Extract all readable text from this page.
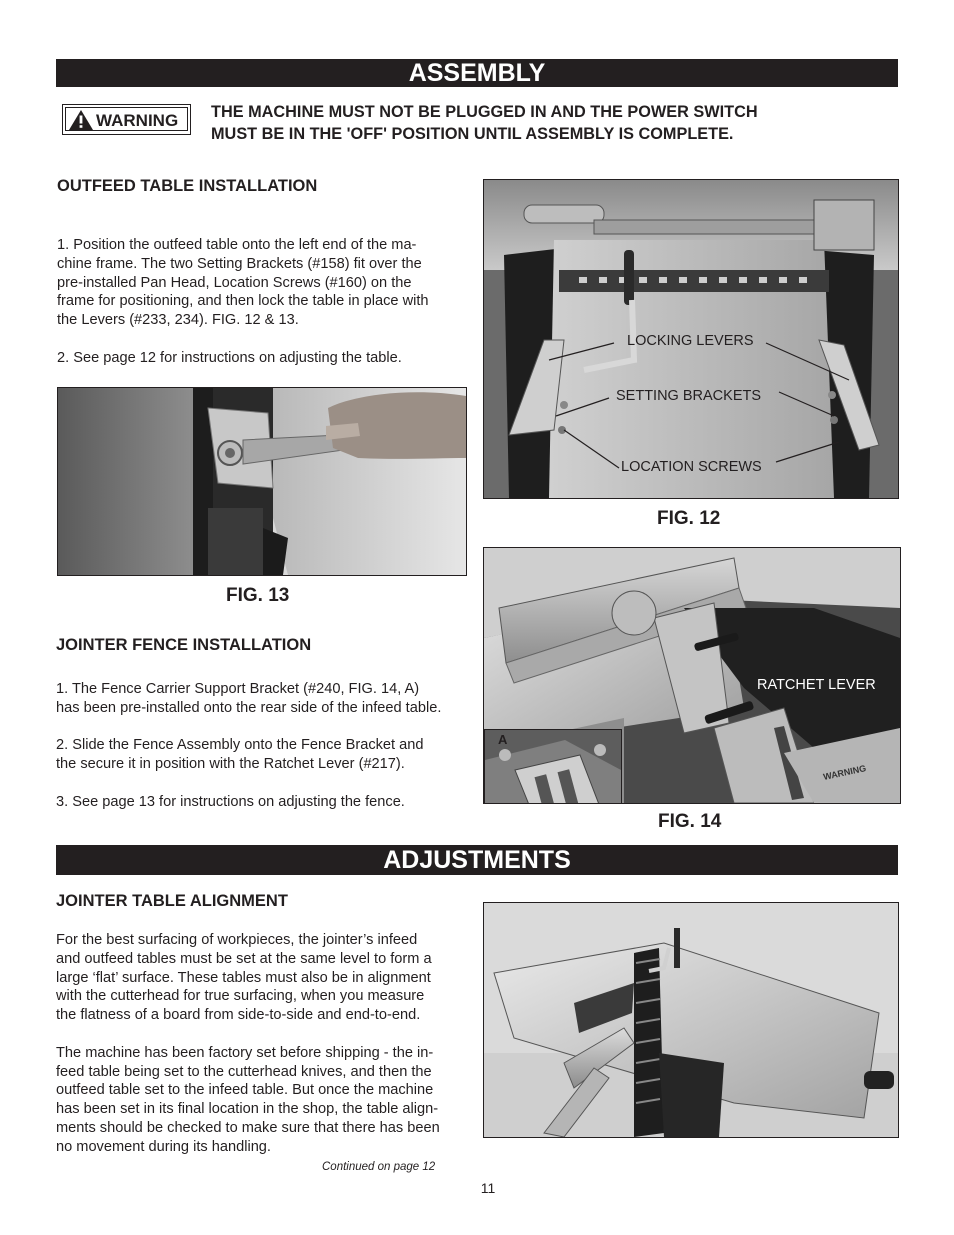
ASSEMBLY
WARNING THE MACHINE MUST NOT BE PLUGGED IN AND THE POWER SWITCH
MUST BE IN THE 'OFF' POSITION UNTIL ASSEMBLY IS COMPLETE.
OUTFEED TABLE INSTALLATION
1. Position the outfeed table onto the left end of the ma-
chine frame. The two Setting Brackets (#158) fit over the
pre-installed Pan Head, Location Screws (#160) on the
frame for positioning, and then lock the table in place with
the Levers (#233, 234). FIG. 12 & 13.
2. See page 12 for instructions on adjusting the table.
FIG. 13
LOCKING LEVERS
SETTING BRACKETS
LOCATION SCREWS
FIG. 12
JOINTER FENCE INSTALLATION
1. The Fence Carrier Support Bracket (#240, FIG. 14, A)
has been pre-installed onto the rear side of the infeed table.
2. Slide the Fence Assembly onto the Fence Bracket and
the secure it in position with the Ratchet Lever (#217).
3. See page 13 for instructions on adjusting the fence.
WARNING
RATCHET LEVER
A
FIG. 14
ADJUSTMENTS
JOINTER TABLE ALIGNMENT
For the best surfacing of workpieces, the jointer’s infeed
and outfeed tables must be set at the same level to form a
large ‘flat’ surface. These tables must also be in alignment
with the cutterhead for true surfacing, when you measure
the flatness of a board from side-to-side and end-to-end.
The machine has been factory set before shipping - the in-
feed table being set to the cutterhead knives, and then the
outfeed table set to the infeed table. But once the machine
has been set in its final location in the shop, the table align-
ments should be checked to make sure that there has been
no movement during its handling.
Continued on page 12
11
